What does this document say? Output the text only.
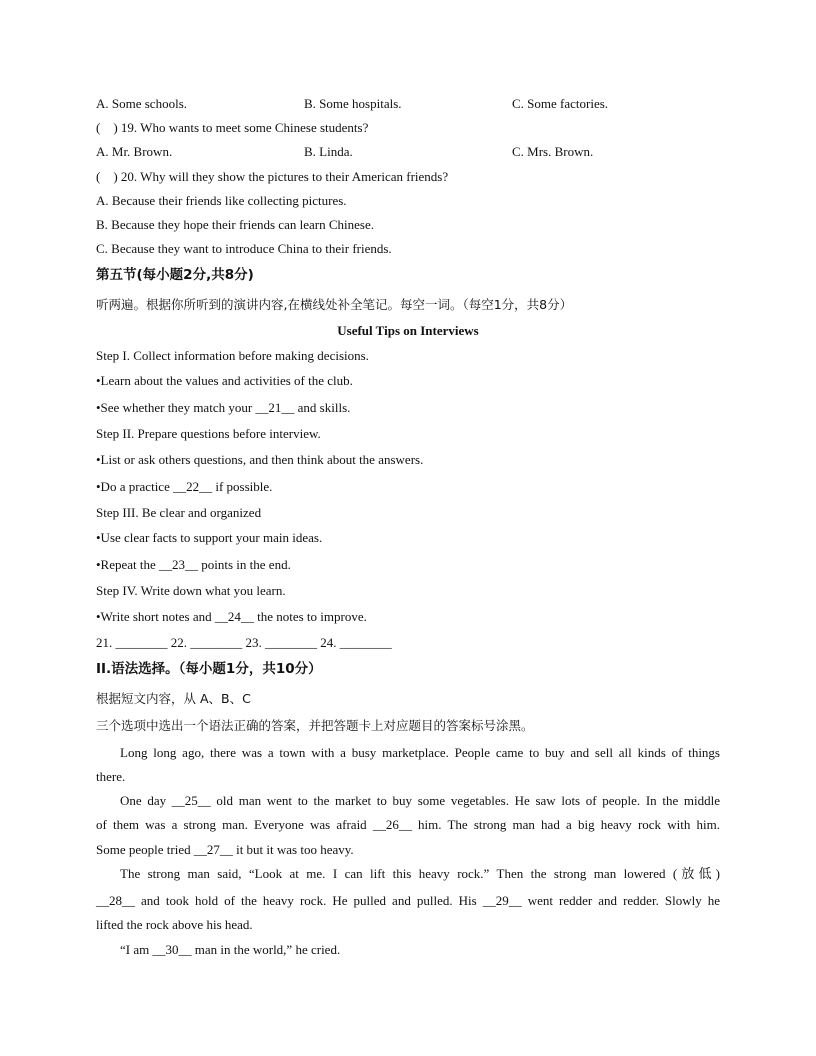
A. Some schools.	B. Some hospitals.	C. Some factories.
(    ) 19. Who wants to meet some Chinese students?
A. Mr. Brown.	B. Linda.	C. Mrs. Brown.
(    ) 20. Why will they show the pictures to their American friends?
A. Because their friends like collecting pictures.
B. Because they hope their friends can learn Chinese.
C. Because they want to introduce China to their friends.
第五节(每小题2分,共8分)
听两遍。根据你所听到的演讲内容,在横线处补全笔记。每空一词。（每空1分，共8分）
Useful Tips on Interviews
Step I. Collect information before making decisions.
•Learn about the values and activities of the club.
•See whether they match your __21__ and skills.
Step II. Prepare questions before interview.
•List or ask others questions, and then think about the answers.
•Do a practice __22__ if possible.
Step III. Be clear and organized
•Use clear facts to support your main ideas.
•Repeat the __23__ points in the end.
Step IV. Write down what you learn.
•Write short notes and __24__ the notes to improve.
21. ________ 22. ________ 23. ________ 24. ________
II.语法选择。（每小题1分，共10分）
根据短文内容，从 A、B、C
三个选项中选出一个语法正确的答案，并把答题卡上对应题目的答案标号涂黑。
Long long ago, there was a town with a busy marketplace. People came to buy and sell all kinds of things
there.
One day __25__ old man went to the market to buy some vegetables. He saw lots of people. In the middle
of them was a strong man. Everyone was afraid __26__ him. The strong man had a big heavy rock with him.
Some people tried __27__ it but it was too heavy.
The strong man said, “Look at me. I can lift this heavy rock.” Then the strong man lowered (放低)
__28__ and took hold of the heavy rock. He pulled and pulled. His __29__ went redder and redder. Slowly he
lifted the rock above his head.
“I am __30__ man in the world,” he cried.
